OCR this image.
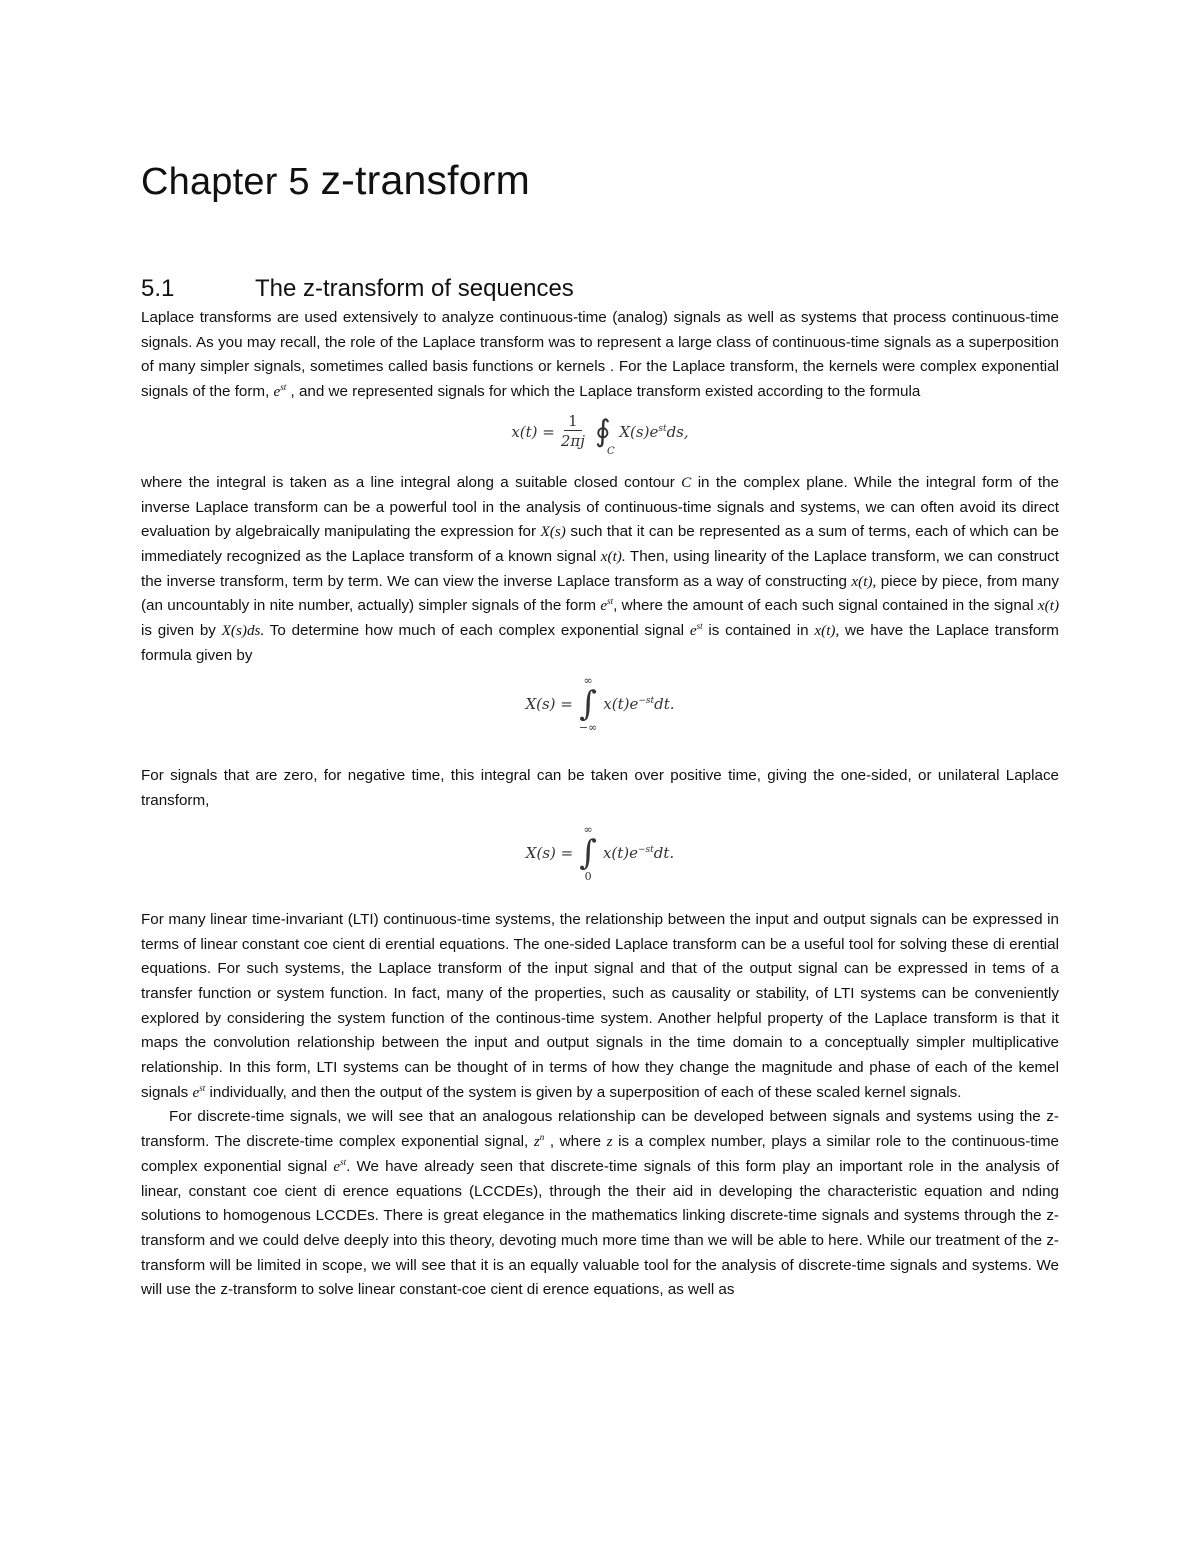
Chapter 5 z-transform
5.1	The z-transform of sequences

Laplace transforms are used extensively to analyze continuous-time (analog) signals as well as systems that process continuous-time signals. As you may recall, the role of the Laplace transform was to represent a large class of continuous-time signals as a superposition of many simpler signals, sometimes called basis functions or kernels . For the Laplace transform, the kernels were complex exponential signals of the form, $e^{st}$ , and we represented signals for which the Laplace transform existed according to the formula

$x(t) = \frac{1}{2\pi j}$ ∮
C
$X(s)e^{st}ds$,

where the integral is taken as a line integral along a suitable closed contour C in the complex plane. While the integral form of the inverse Laplace transform can be a powerful tool in the analysis of continuous-time signals and systems, we can often avoid its direct evaluation by algebraically manipulating the expression for X(s) such that it can be represented as a sum of terms, each of which can be immediately recognized as the Laplace transform of a known signal x(t). Then, using linearity of the Laplace transform, we can construct the inverse transform, term by term. We can view the inverse Laplace transform as a way of constructing x(t), piece by piece, from many (an uncountably in nite number, actually) simpler signals of the form $e^{st}$, where the amount of each such signal contained in the signal x(t) is given by X(s)ds. To determine how much of each complex exponential signal $e^{st}$ is contained in x(t), we have the Laplace transform formula given by

X(s) =
∞
∫
−∞
$x(t)e^{-st}dt$.

For signals that are zero, for negative time, this integral can be taken over positive time, giving the one-sided, or unilateral Laplace transform,

X(s) =
∞
∫
0
$x(t)e^{-st}dt$.

For many linear time-invariant (LTI) continuous-time systems, the relationship between the input and output signals can be expressed in terms of linear constant coe cient di erential equations. The one-sided Laplace transform can be a useful tool for solving these di erential equations. For such systems, the Laplace transform of the input signal and that of the output signal can be expressed in tems of a transfer function or system function. In fact, many of the properties, such as causality or stability, of LTI systems can be conveniently explored by considering the system function of the continous-time system. Another helpful property of the Laplace transform is that it maps the convolution relationship between the input and output signals in the time domain to a conceptually simpler multiplicative relationship. In this form, LTI systems can be thought of in terms of how they change the magnitude and phase of each of the kemel signals $e^{st}$ individually, and then the output of the system is given by a superposition of each of these scaled kernel signals.

For discrete-time signals, we will see that an analogous relationship can be developed between signals and systems using the z-transform. The discrete-time complex exponential signal, $z^n$ , where z is a complex number, plays a similar role to the continuous-time complex exponential signal $e^{st}$. We have already seen that discrete-time signals of this form play an important role in the analysis of linear, constant coe cient di erence equations (LCCDEs), through the their aid in developing the characteristic equation and nding solutions to homogenous LCCDEs. There is great elegance in the mathematics linking discrete-time signals and systems through the z-transform and we could delve deeply into this theory, devoting much more time than we will be able to here. While our treatment of the z-transform will be limited in scope, we will see that it is an equally valuable tool for the analysis of discrete-time signals and systems. We will use the z-transform to solve linear constant-coe cient di erence equations, as well as
